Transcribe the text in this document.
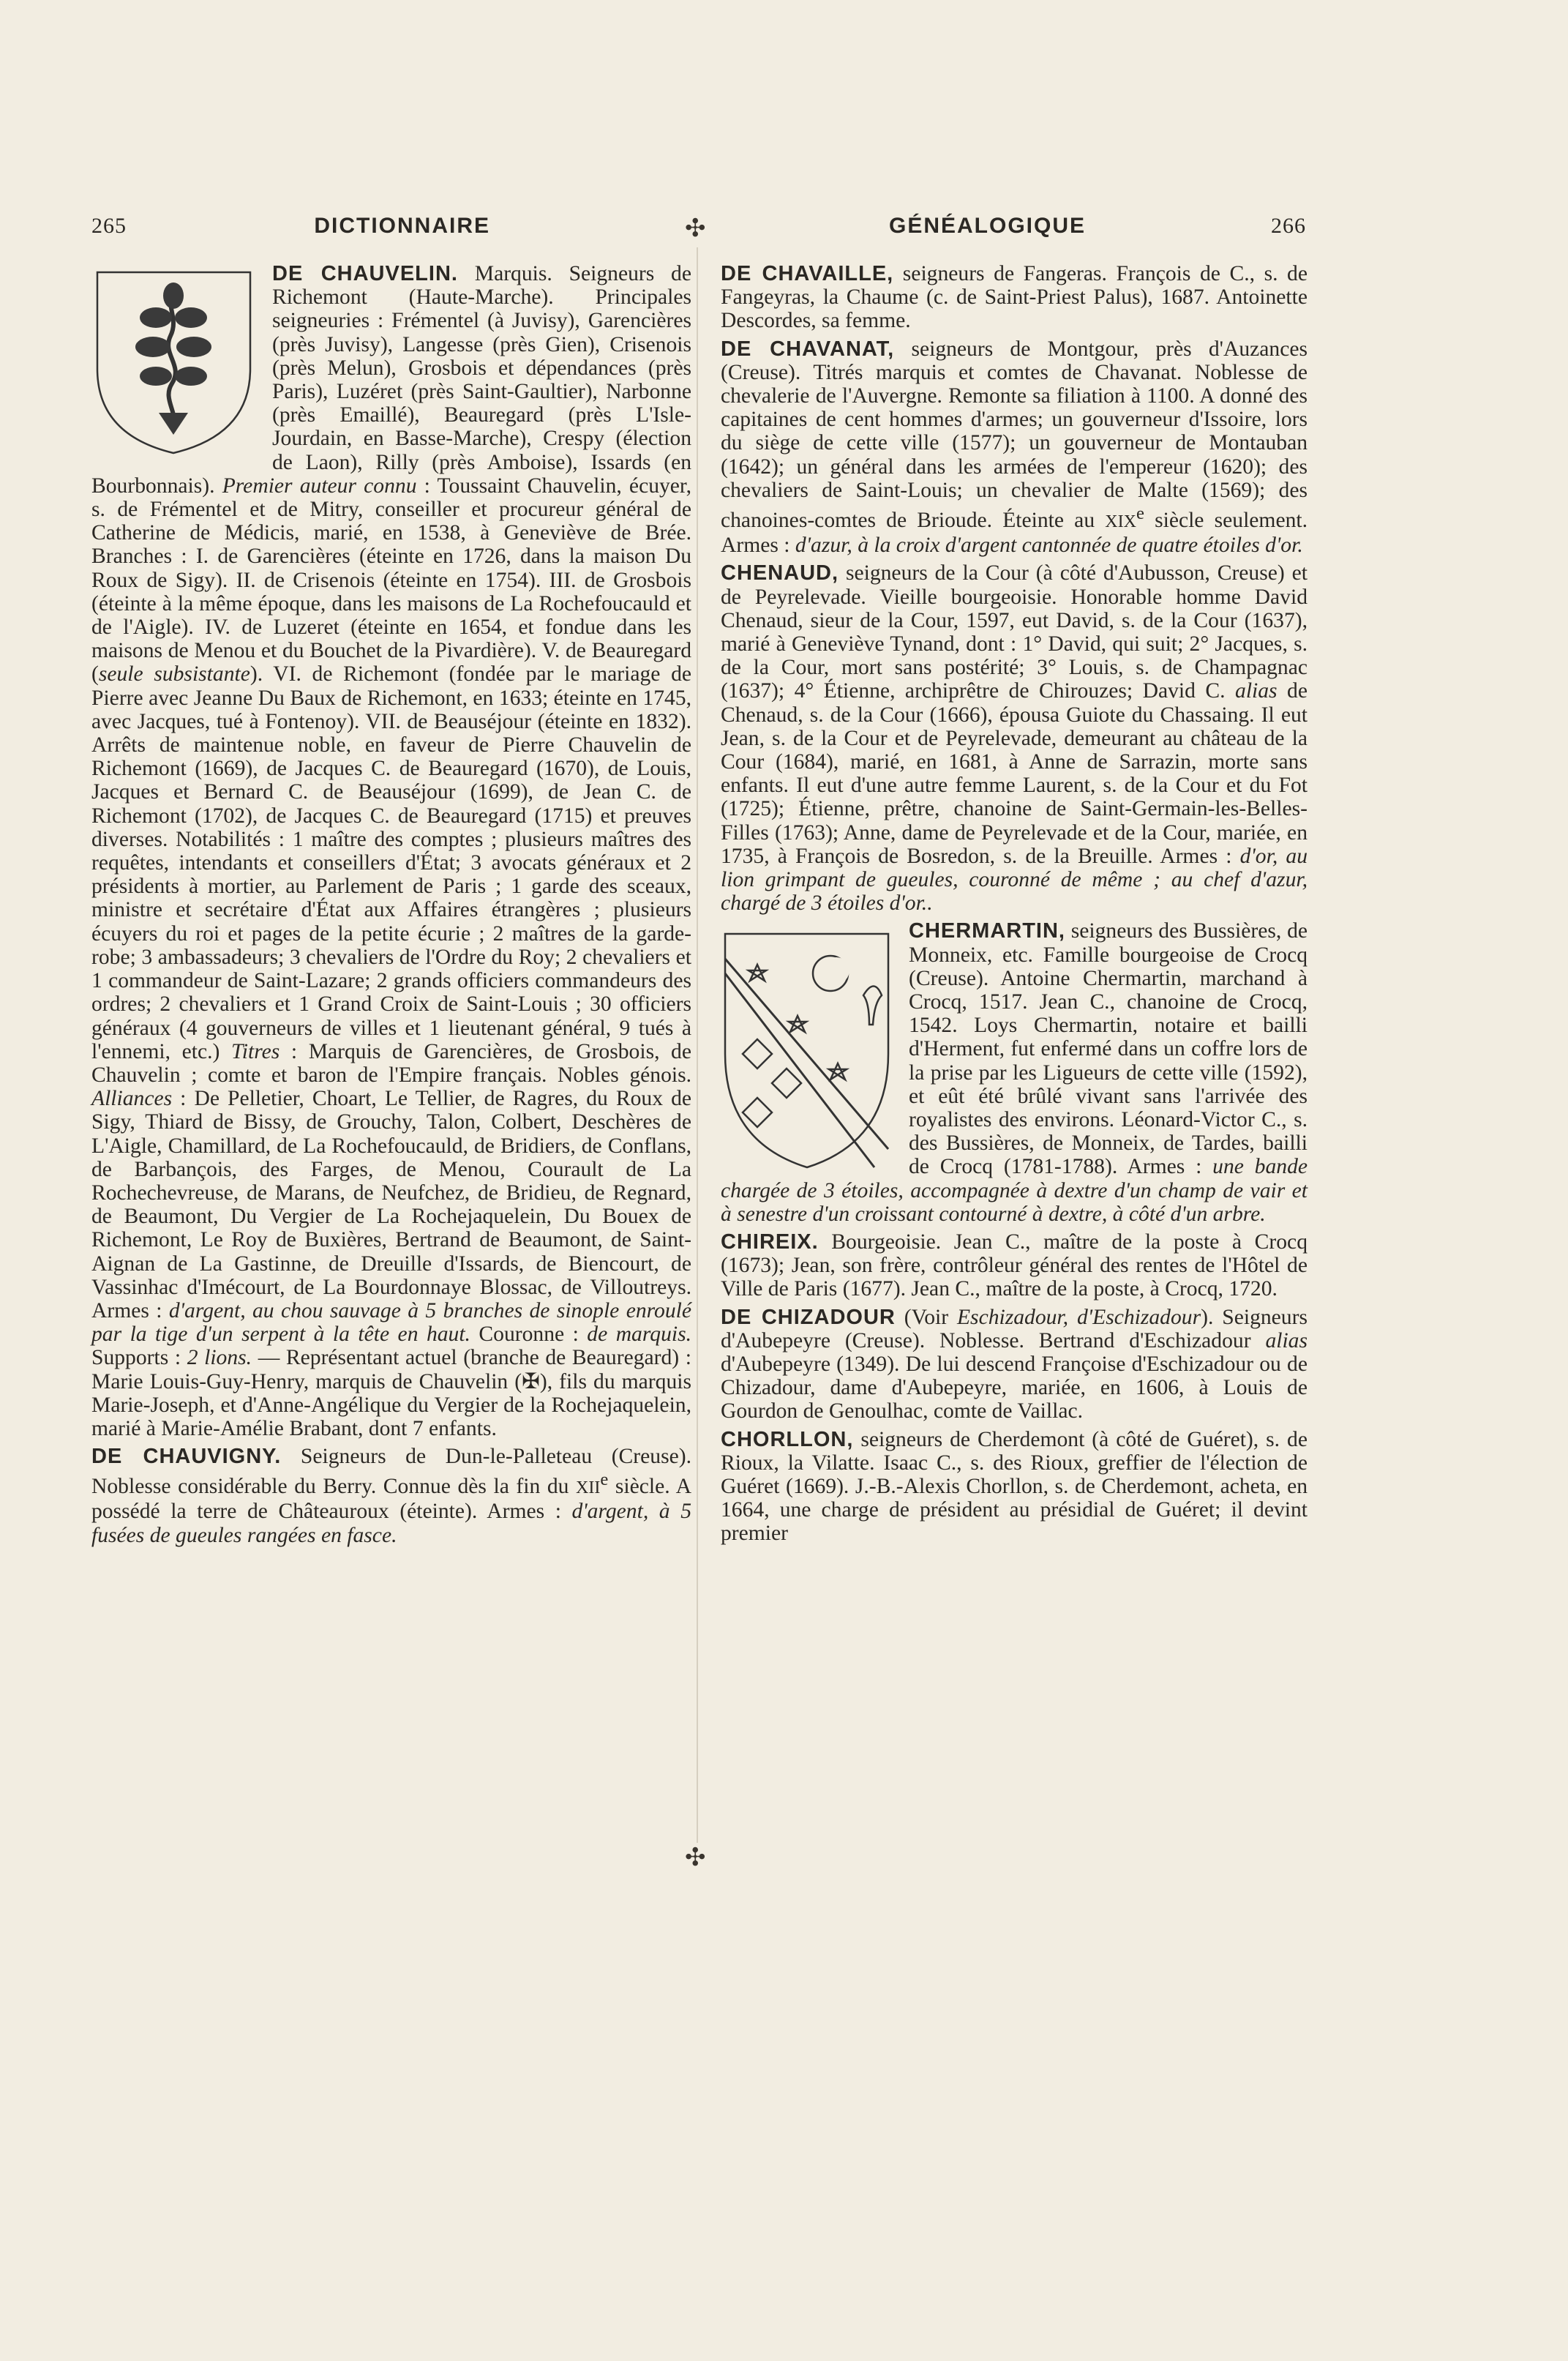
265	DICTIONNAIRE	✣	GÉNÉALOGIQUE	266
✣

DE CHAUVELIN. Marquis. Seigneurs de Richemont (Haute-Marche). Principales seigneuries : Frémentel (à Juvisy), Garencières (près Juvisy), Langesse (près Gien), Crisenois (près Melun), Grosbois et dépendances (près Paris), Luzéret (près Saint-Gaultier), Narbonne (près Emaillé), Beauregard (près L'Isle-Jourdain, en Basse-Marche), Crespy (élection de Laon), Rilly (près Amboise), Issards (en Bourbonnais). Premier auteur connu : Toussaint Chauvelin, écuyer, s. de Frémentel et de Mitry, conseiller et procureur général de Catherine de Médicis, marié, en 1538, à Geneviève de Brée. Branches : I. de Garencières (éteinte en 1726, dans la maison Du Roux de Sigy). II. de Crisenois (éteinte en 1754). III. de Grosbois (éteinte à la même époque, dans les maisons de La Rochefoucauld et de l'Aigle). IV. de Luzeret (éteinte en 1654, et fondue dans les maisons de Menou et du Bouchet de la Pivardière). V. de Beauregard (seule subsistante). VI. de Richemont (fondée par le mariage de Pierre avec Jeanne Du Baux de Richemont, en 1633; éteinte en 1745, avec Jacques, tué à Fontenoy). VII. de Beauséjour (éteinte en 1832). Arrêts de maintenue noble, en faveur de Pierre Chauvelin de Richemont (1669), de Jacques C. de Beauregard (1670), de Louis, Jacques et Bernard C. de Beauséjour (1699), de Jean C. de Richemont (1702), de Jacques C. de Beauregard (1715) et preuves diverses. Notabilités : 1 maître des comptes ; plusieurs maîtres des requêtes, intendants et conseillers d'État; 3 avocats généraux et 2 présidents à mortier, au Parlement de Paris ; 1 garde des sceaux, ministre et secrétaire d'État aux Affaires étrangères ; plusieurs écuyers du roi et pages de la petite écurie ; 2 maîtres de la garde-robe; 3 ambassadeurs; 3 chevaliers de l'Ordre du Roy; 2 chevaliers et 1 commandeur de Saint-Lazare; 2 grands officiers commandeurs des ordres; 2 chevaliers et 1 Grand Croix de Saint-Louis ; 30 officiers généraux (4 gouverneurs de villes et 1 lieutenant général, 9 tués à l'ennemi, etc.) Titres : Marquis de Garencières, de Grosbois, de Chauvelin ; comte et baron de l'Empire français. Nobles génois. Alliances : De Pelletier, Choart, Le Tellier, de Ragres, du Roux de Sigy, Thiard de Bissy, de Grouchy, Talon, Colbert, Deschères de L'Aigle, Chamillard, de La Rochefoucauld, de Bridiers, de Conflans, de Barbançois, des Farges, de Menou, Courault de La Rochechevreuse, de Marans, de Neufchez, de Bridieu, de Regnard, de Beaumont, Du Vergier de La Rochejaquelein, Du Bouex de Richemont, Le Roy de Buxières, Bertrand de Beaumont, de Saint-Aignan de La Gastinne, de Dreuille d'Issards, de Biencourt, de Vassinhac d'Imécourt, de La Bourdonnaye Blossac, de Villoutreys. Armes : d'argent, au chou sauvage à 5 branches de sinople enroulé par la tige d'un serpent à la tête en haut. Couronne : de marquis. Supports : 2 lions. — Représentant actuel (branche de Beauregard) : Marie Louis-Guy-Henry, marquis de Chauvelin (✠), fils du marquis Marie-Joseph, et d'Anne-Angélique du Vergier de la Rochejaquelein, marié à Marie-Amélie Brabant, dont 7 enfants.

DE CHAUVIGNY. Seigneurs de Dun-le-Palleteau (Creuse). Noblesse considérable du Berry. Connue dès la fin du XIIe siècle. A possédé la terre de Châteauroux (éteinte). Armes : d'argent, à 5 fusées de gueules rangées en fasce.

DE CHAVAILLE, seigneurs de Fangeras. François de C., s. de Fangeyras, la Chaume (c. de Saint-Priest Palus), 1687. Antoinette Descordes, sa femme.

DE CHAVANAT, seigneurs de Montgour, près d'Auzances (Creuse). Titrés marquis et comtes de Chavanat. Noblesse de chevalerie de l'Auvergne. Remonte sa filiation à 1100. A donné des capitaines de cent hommes d'armes; un gouverneur d'Issoire, lors du siège de cette ville (1577); un gouverneur de Montauban (1642); un général dans les armées de l'empereur (1620); des chevaliers de Saint-Louis; un chevalier de Malte (1569); des chanoines-comtes de Brioude. Éteinte au XIXe siècle seulement. Armes : d'azur, à la croix d'argent cantonnée de quatre étoiles d'or.

CHENAUD, seigneurs de la Cour (à côté d'Aubusson, Creuse) et de Peyrelevade. Vieille bourgeoisie. Honorable homme David Chenaud, sieur de la Cour, 1597, eut David, s. de la Cour (1637), marié à Geneviève Tynand, dont : 1° David, qui suit; 2° Jacques, s. de la Cour, mort sans postérité; 3° Louis, s. de Champagnac (1637); 4° Étienne, archiprêtre de Chirouzes; David C. alias de Chenaud, s. de la Cour (1666), épousa Guiote du Chassaing. Il eut Jean, s. de la Cour et de Peyrelevade, demeurant au château de la Cour (1684), marié, en 1681, à Anne de Sarrazin, morte sans enfants. Il eut d'une autre femme Laurent, s. de la Cour et du Fot (1725); Étienne, prêtre, chanoine de Saint-Germain-les-Belles-Filles (1763); Anne, dame de Peyrelevade et de la Cour, mariée, en 1735, à François de Bosredon, s. de la Breuille. Armes : d'or, au lion grimpant de gueules, couronné de même ; au chef d'azur, chargé de 3 étoiles d'or..

CHERMARTIN, seigneurs des Bussières, de Monneix, etc. Famille bourgeoise de Crocq (Creuse). Antoine Chermartin, marchand à Crocq, 1517. Jean C., chanoine de Crocq, 1542. Loys Chermartin, notaire et bailli d'Herment, fut enfermé dans un coffre lors de la prise par les Ligueurs de cette ville (1592), et eût été brûlé vivant sans l'arrivée des royalistes des environs. Léonard-Victor C., s. des Bussières, de Monneix, de Tardes, bailli de Crocq (1781-1788). Armes : une bande chargée de 3 étoiles, accompagnée à dextre d'un champ de vair et à senestre d'un croissant contourné à dextre, à côté d'un arbre.

CHIREIX. Bourgeoisie. Jean C., maître de la poste à Crocq (1673); Jean, son frère, contrôleur général des rentes de l'Hôtel de Ville de Paris (1677). Jean C., maître de la poste, à Crocq, 1720.

DE CHIZADOUR (Voir Eschizadour, d'Eschizadour). Seigneurs d'Aubepeyre (Creuse). Noblesse. Bertrand d'Eschizadour alias d'Aubepeyre (1349). De lui descend Françoise d'Eschizadour ou de Chizadour, dame d'Aubepeyre, mariée, en 1606, à Louis de Gourdon de Genoulhac, comte de Vaillac.

CHORLLON, seigneurs de Cherdemont (à côté de Guéret), s. de Rioux, la Vilatte. Isaac C., s. des Rioux, greffier de l'élection de Guéret (1669). J.-B.-Alexis Chorllon, s. de Cherdemont, acheta, en 1664, une charge de président au présidial de Guéret; il devint premier
